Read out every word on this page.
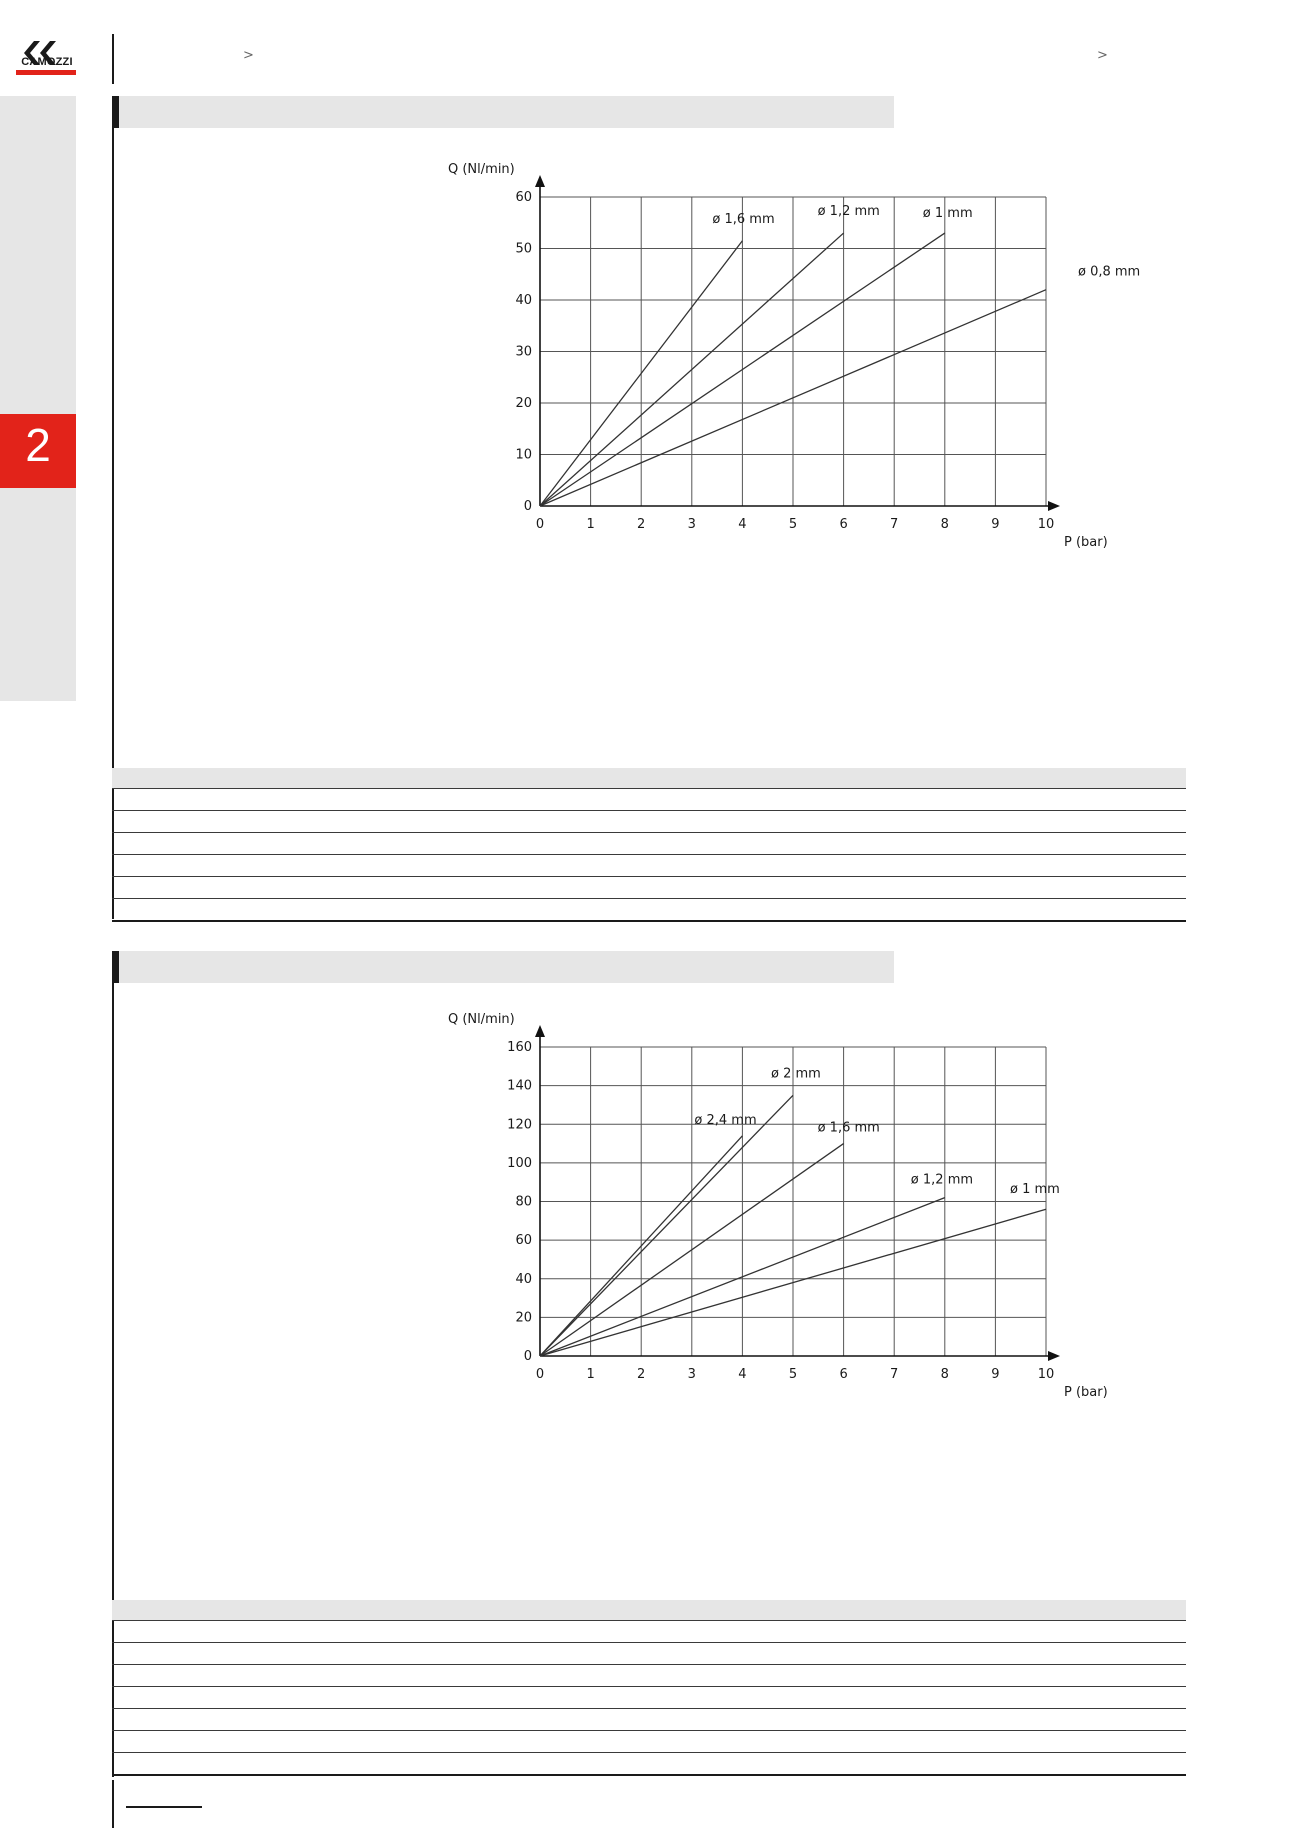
CAMOZZI	>	>
2
0	1	2	3	4	5	6	7	8	9	10
0
10
20
30
40
50
60
Q (Nl/min)
P (bar)
ø 1,6 mm
ø 1,2 mm	ø 1 mm
ø 0,8 mm
0	1	2	3	4	5	6	7	8	9	10
0
20
40
60
80
100
120
140
160
Q (Nl/min)
P (bar)
ø 2,4 mm
ø 2 mm
ø 1,6 mm
ø 1,2 mm
ø 1 mm
